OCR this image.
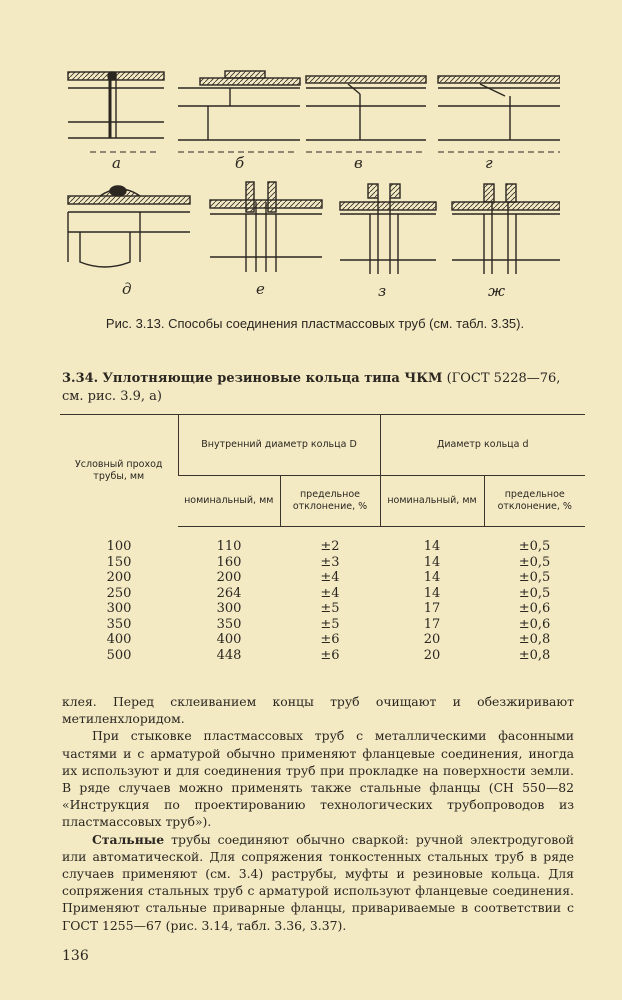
а	б	в	г
д	е	з	ж
Рис. 3.13. Способы соединения пластмассовых труб (см. табл. 3.35).
3.34. Уплотняющие резиновые кольца типа ЧКМ (ГОСТ 5228—76, см. рис. 3.9, а)
Условный проход трубы, мм	Внутренний диаметр кольца D		Диаметр кольца d	
	номинальный, мм	предельное отклонение, %	номинальный, мм	предельное отклонение, %
100	110	±2	14	±0,5
150	160	±3	14	±0,5
200	200	±4	14	±0,5
250	264	±4	14	±0,5
300	300	±5	17	±0,6
350	350	±5	17	±0,6
400	400	±6	20	±0,8
500	448	±6	20	±0,8

клея. Перед склеиванием концы труб очищают и обезжиривают метиленхлоридом.

При стыковке пластмассовых труб с металлическими фасонными частями и с арматурой обычно применяют фланцевые соединения, иногда их используют и для соединения труб при прокладке на поверхности земли. В ряде случаев можно применять также стальные фланцы (СН 550—82 «Инструкция по проектированию технологических трубопроводов из пластмассовых труб»).

Стальные трубы соединяют обычно сваркой: ручной электродуговой или автоматической. Для сопряжения тонкостенных стальных труб в ряде случаев применяют (см. 3.4) раструбы, муфты и резиновые кольца. Для сопряжения стальных труб с арматурой используют фланцевые соединения. Применяют стальные приварные фланцы, привариваемые в соответствии с ГОСТ 1255—67 (рис. 3.14, табл. 3.36, 3.37).

136
